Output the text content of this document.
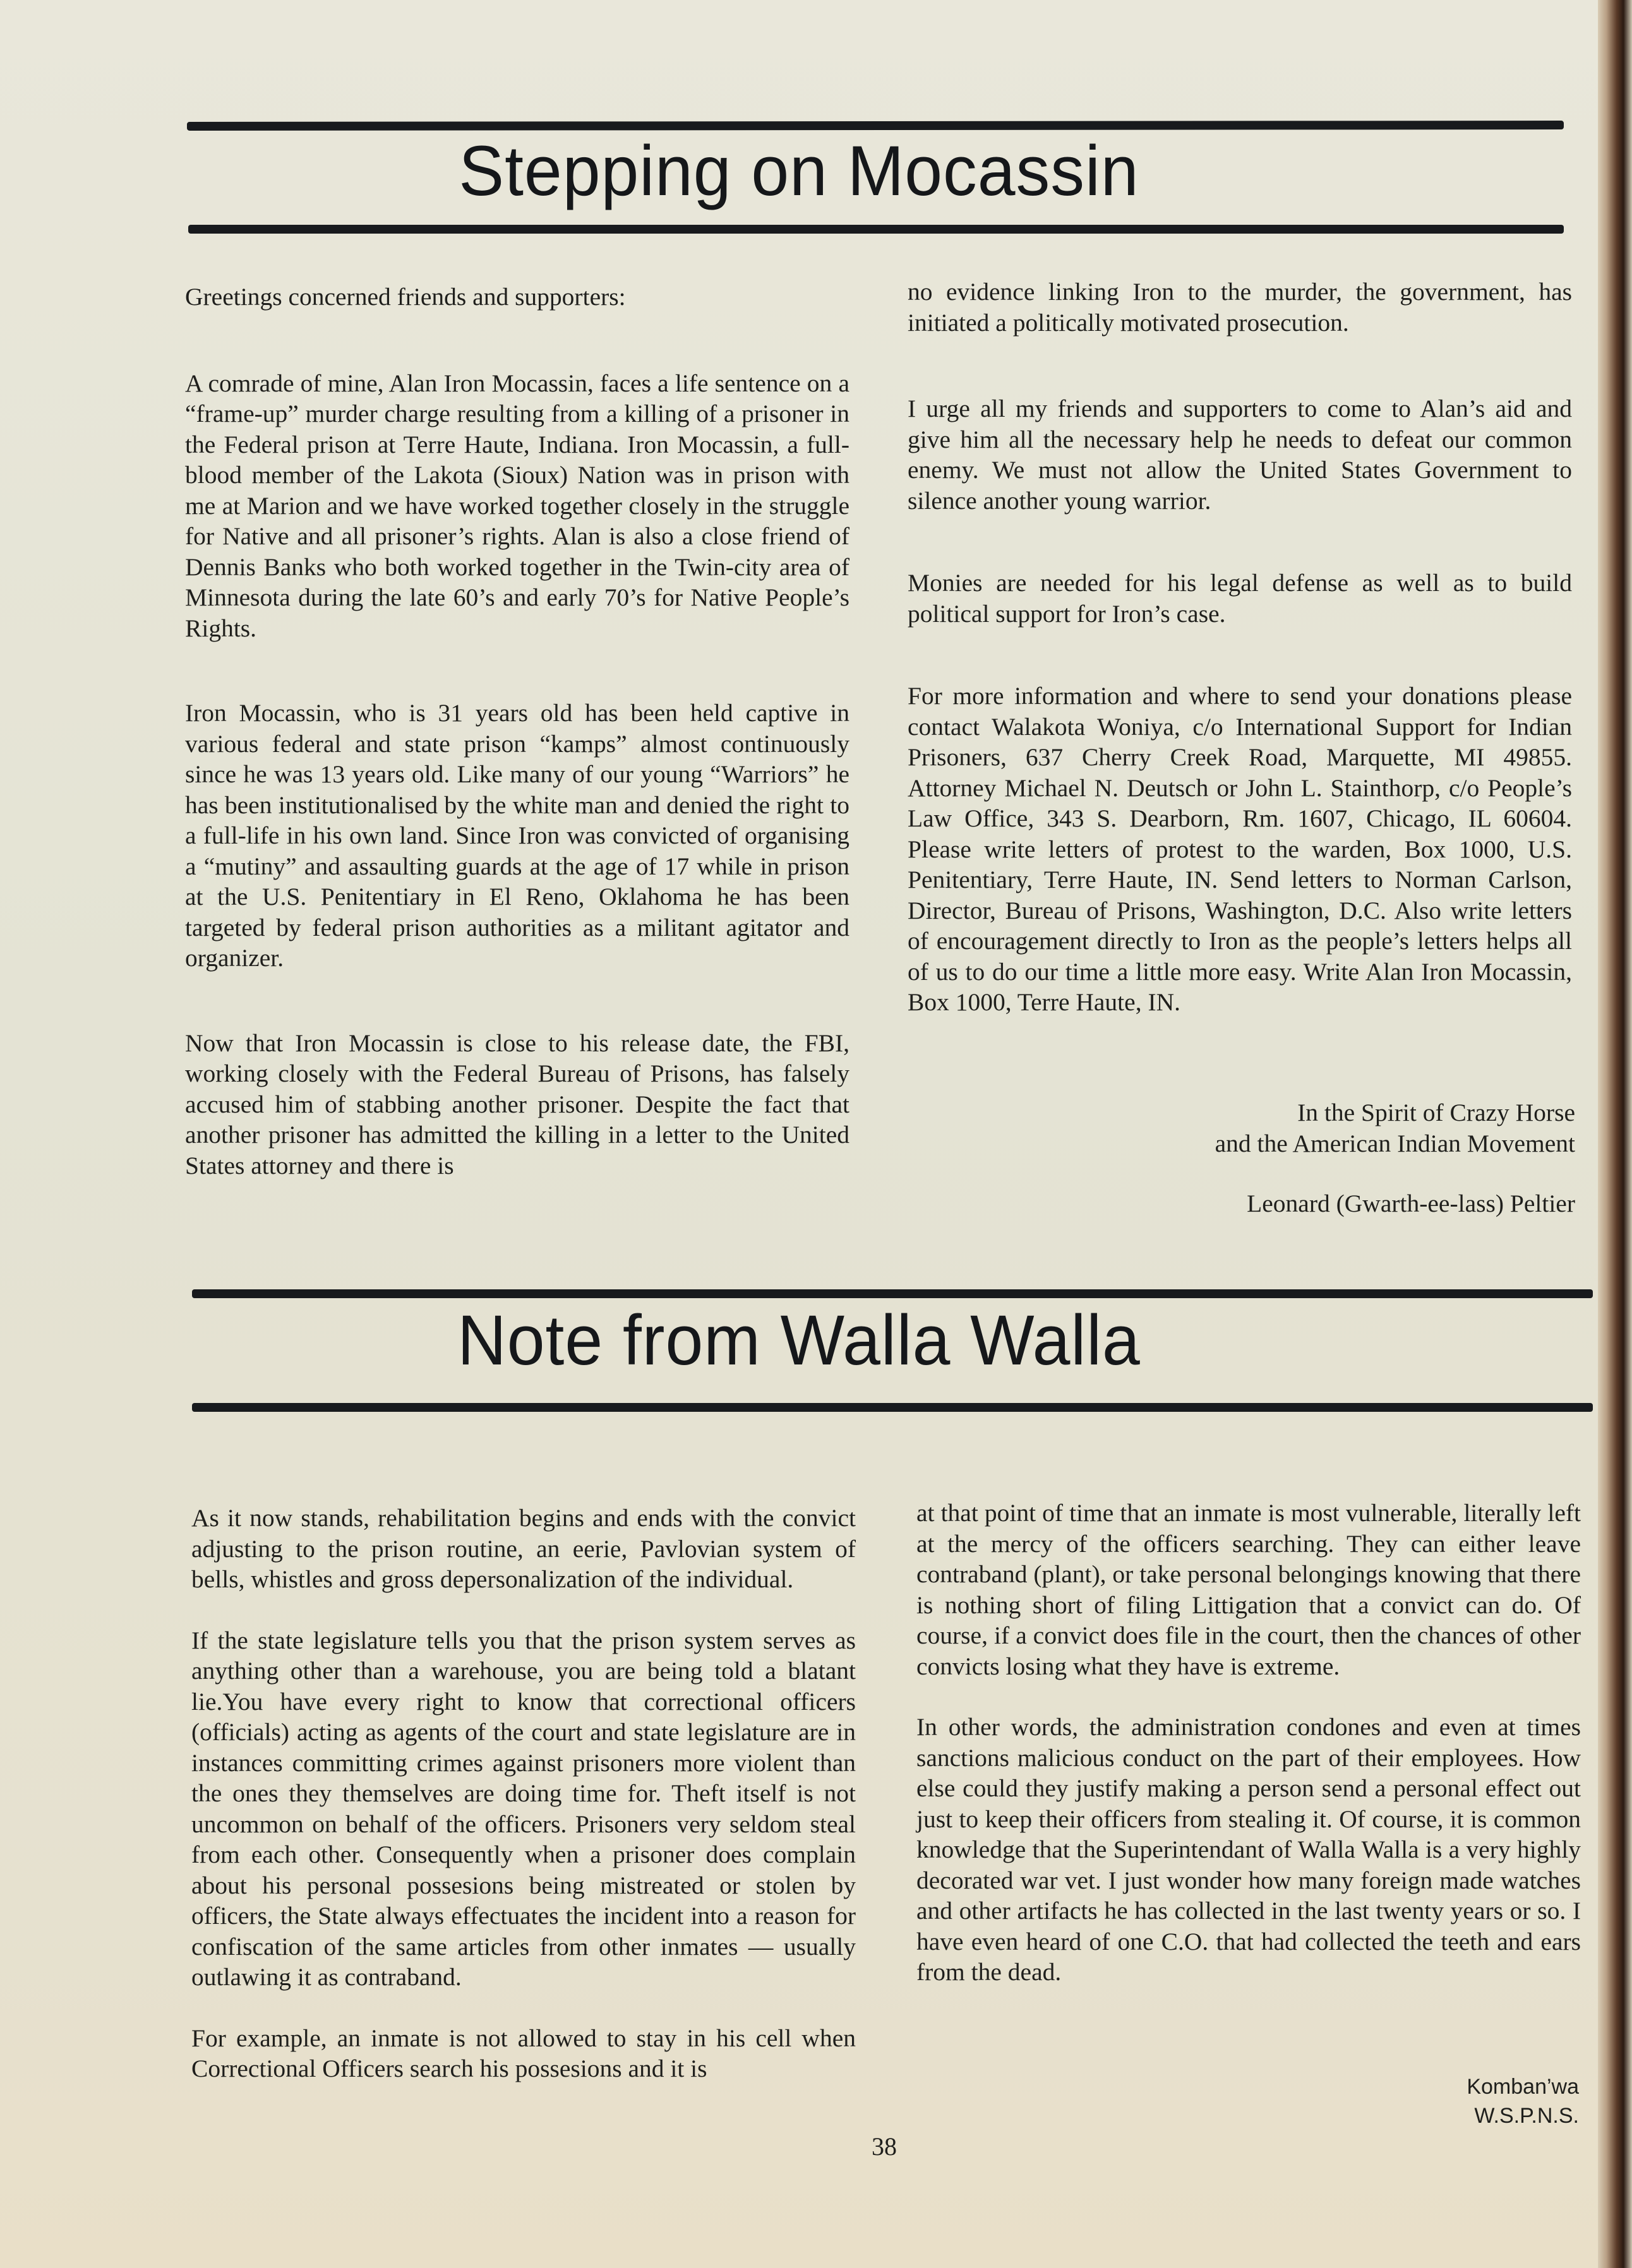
Stepping on Mocassin

Greetings concerned friends and supporters:

A comrade of mine, Alan Iron Mocassin, faces a life sentence on a “frame-up” murder charge resulting from a killing of a prisoner in the Federal prison at Terre Haute, Indiana. Iron Mocassin, a full-blood member of the Lakota (Sioux) Nation was in prison with me at Marion and we have worked together closely in the struggle for Native and all prisoner’s rights. Alan is also a close friend of Dennis Banks who both worked together in the Twin-city area of Minnesota during the late 60’s and early 70’s for Native People’s Rights.

Iron Mocassin, who is 31 years old has been held captive in various federal and state prison “kamps” almost continuously since he was 13 years old. Like many of our young “Warriors” he has been institutionalised by the white man and denied the right to a full-life in his own land. Since Iron was convicted of organising a “mutiny” and assaulting guards at the age of 17 while in prison at the U.S. Penitentiary in El Reno, Oklahoma he has been targeted by federal prison authorities as a militant agitator and organizer.

Now that Iron Mocassin is close to his release date, the FBI, working closely with the Federal Bureau of Prisons, has falsely accused him of stabbing another prisoner. Despite the fact that another prisoner has admitted the killing in a letter to the United States attorney and there is

no evidence linking Iron to the murder, the government, has initiated a politically motivated prosecution.

I urge all my friends and supporters to come to Alan’s aid and give him all the necessary help he needs to defeat our common enemy. We must not allow the United States Government to silence another young warrior.

Monies are needed for his legal defense as well as to build political support for Iron’s case.

For more information and where to send your donations please contact Walakota Woniya, c/o International Support for Indian Prisoners, 637 Cherry Creek Road, Marquette, MI 49855. Attorney Michael N. Deutsch or John L. Stainthorp, c/o People’s Law Office, 343 S. Dearborn, Rm. 1607, Chicago, IL 60604. Please write letters of protest to the warden, Box 1000, U.S. Penitentiary, Terre Haute, IN. Send letters to Norman Carlson, Director, Bureau of Prisons, Washington, D.C. Also write letters of encouragement directly to Iron as the people’s letters helps all of us to do our time a little more easy. Write Alan Iron Mocassin, Box 1000, Terre Haute, IN.

In the Spirit of Crazy Horse
and the American Indian Movement
Leonard (Gwarth-ee-lass) Peltier
Note from Walla Walla

As it now stands, rehabilitation begins and ends with the convict adjusting to the prison routine, an eerie, Pavlovian system of bells, whistles and gross depersonalization of the individual.

If the state legislature tells you that the prison system serves as anything other than a warehouse, you are being told a blatant lie.You have every right to know that correctional officers (officials) acting as agents of the court and state legislature are in instances committing crimes against prisoners more violent than the ones they themselves are doing time for. Theft itself is not uncommon on behalf of the officers. Prisoners very seldom steal from each other. Consequently when a prisoner does complain about his personal possesions being mistreated or stolen by officers, the State always effectuates the incident into a reason for confiscation of the same articles from other inmates — usually outlawing it as contraband.

For example, an inmate is not allowed to stay in his cell when Correctional Officers search his possesions and it is

at that point of time that an inmate is most vulnerable, literally left at the mercy of the officers searching. They can either leave contraband (plant), or take personal belongings knowing that there is nothing short of filing Littigation that a convict can do. Of course, if a convict does file in the court, then the chances of other convicts losing what they have is extreme.

In other words, the administration condones and even at times sanctions malicious conduct on the part of their employees. How else could they justify making a person send a personal effect out just to keep their officers from stealing it. Of course, it is common knowledge that the Superintendant of Walla Walla is a very highly decorated war vet. I just wonder how many foreign made watches and other artifacts he has collected in the last twenty years or so. I have even heard of one C.O. that had collected the teeth and ears from the dead.

Komban’wa
W.S.P.N.S.
38
